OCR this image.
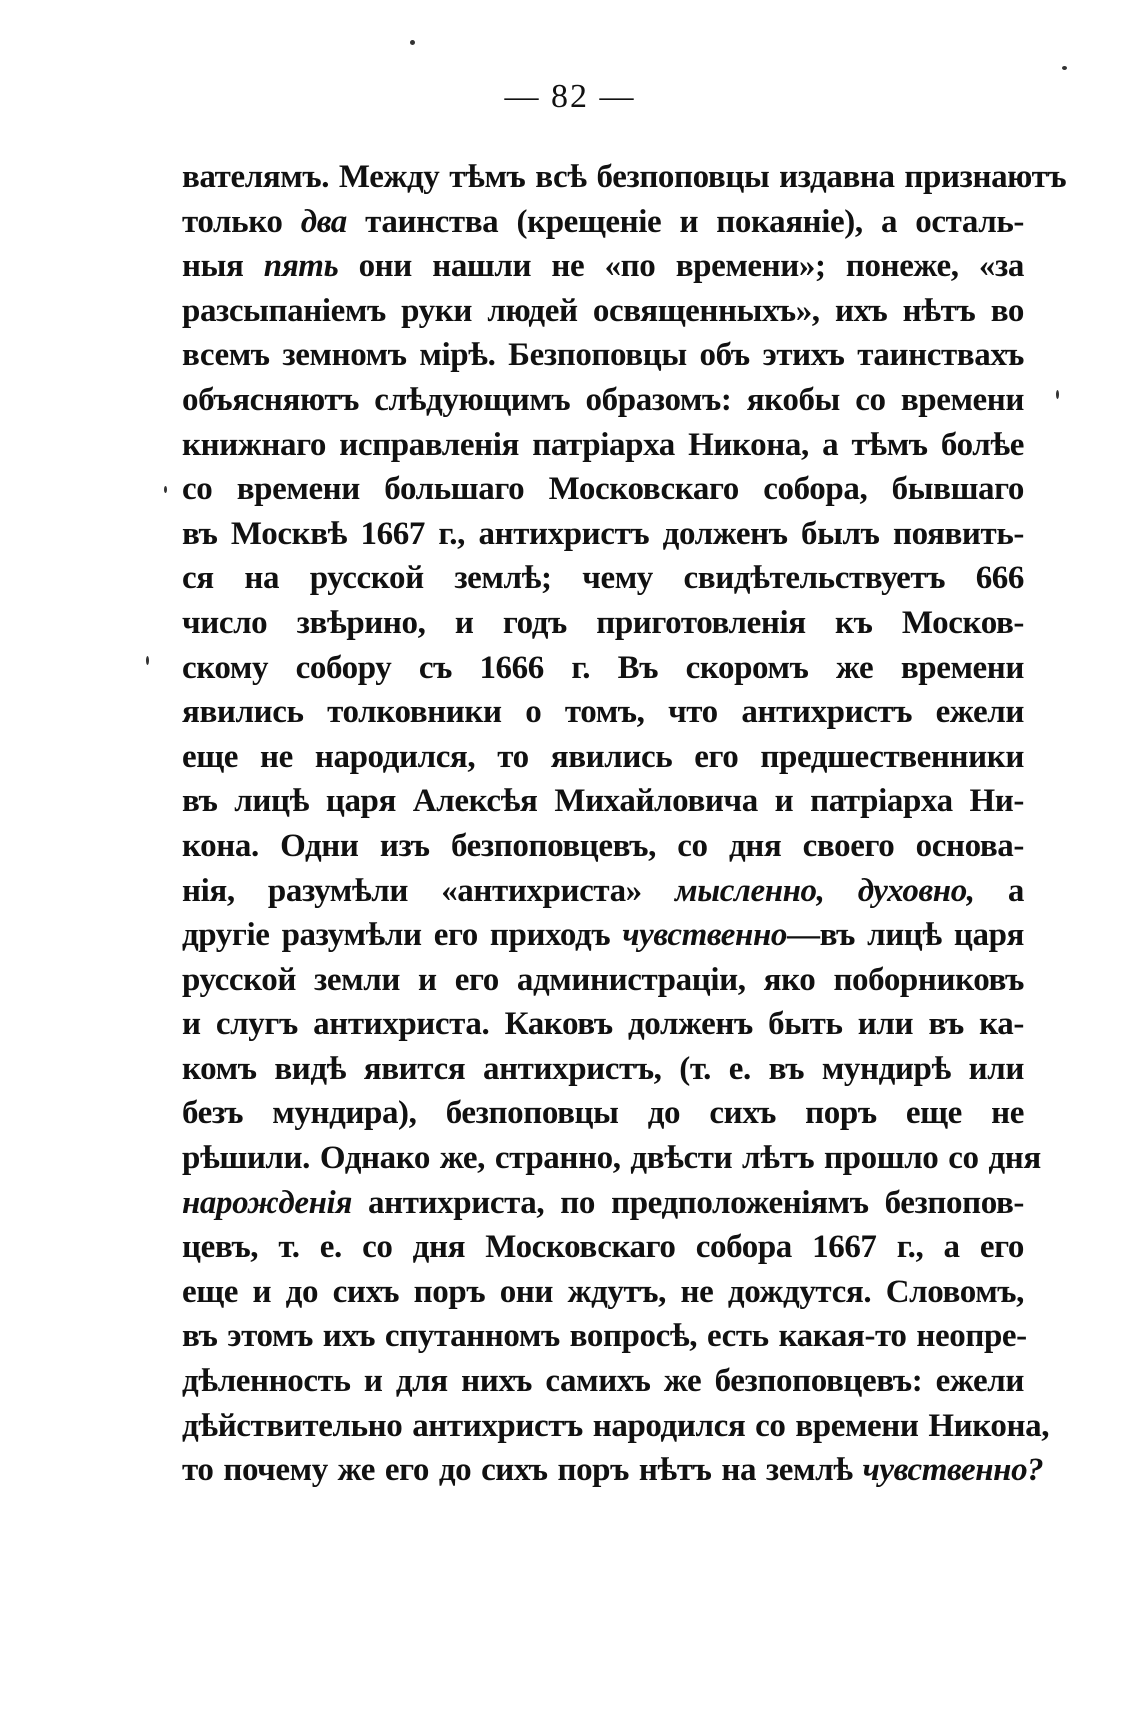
— 82 —
вателямъ. Между тѣмъ всѣ безпоповцы издавна признаютъ
только два таинства (крещеніе и покаяніе), а осталь-
ныя пять они нашли не «по времени»; понеже, «за
разсыпаніемъ руки людей освященныхъ», ихъ нѣтъ во
всемъ земномъ мірѣ. Безпоповцы объ этихъ таинствахъ
объясняютъ слѣдующимъ образомъ: якобы со времени
книжнаго исправленія патріарха Никона, а тѣмъ болѣе
со времени большаго Московскаго собора, бывшаго
въ Москвѣ 1667 г., антихристъ долженъ былъ появить-
ся на русской землѣ; чему свидѣтельствуетъ 666
число звѣрино, и годъ приготовленія къ Москов-
скому собору съ 1666 г. Въ скоромъ же времени
явились толковники о томъ, что антихристъ ежели
еще не народился, то явились его предшественники
въ лицѣ царя Алексѣя Михайловича и патріарха Ни-
кона. Одни изъ безпоповцевъ, со дня своего основа-
нія, разумѣли «антихриста» мысленно, духовно, а
другіе разумѣли его приходъ чувственно—въ лицѣ царя
русской земли и его администраціи, яко поборниковъ
и слугъ антихриста. Каковъ долженъ быть или въ ка-
комъ видѣ явится антихристъ, (т. е. въ мундирѣ или
безъ мундира), безпоповцы до сихъ поръ еще не
рѣшили. Однако же, странно, двѣсти лѣтъ прошло со дня
нарожденія антихриста, по предположеніямъ безпопов-
цевъ, т. е. со дня Московскаго собора 1667 г., а его
еще и до сихъ поръ они ждутъ, не дождутся. Словомъ,
въ этомъ ихъ спутанномъ вопросѣ, есть какая-то неопре-
дѣленность и для нихъ самихъ же безпоповцевъ: ежели
дѣйствительно антихристъ народился со времени Никона,
то почему же его до сихъ поръ нѣтъ на землѣ чувственно?
